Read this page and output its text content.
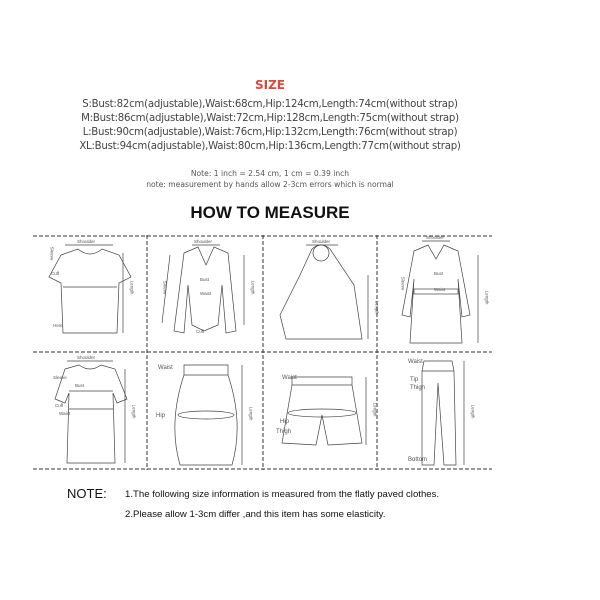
SIZE
S:Bust:82cm(adjustable),Waist:68cm,Hip:124cm,Length:74cm(without strap)
M:Bust:86cm(adjustable),Waist:72cm,Hip:128cm,Length:75cm(without strap)
L:Bust:90cm(adjustable),Waist:76cm,Hip:132cm,Length:76cm(without strap)
XL:Bust:94cm(adjustable),Waist:80cm,Hip:136cm,Length:77cm(without strap)
Note: 1 inch = 2.54 cm, 1 cm = 0.39 inch
note: measurement by hands allow 2-3cm errors which is normal
HOW TO MEASURE
Shoulder
Sleeve
Cuff
Hem
Length
Shoulder
Sleeve
Bust
Waist
Cuff
Length
Shoulder
Length
Shoulder
Sleeve
Bust
Waist
Length
Shoulder
Sleeve
Bust
Cuff
Waist	Length
Waist
Hip	Length
Waist
Hip
Thigh
Length
Waist
Tip
Thigh
Bottom
Length
NOTE: 1.The following size information is measured from the flatly paved clothes.
2.Please allow 1-3cm differ ,and this item has some elasticity.
